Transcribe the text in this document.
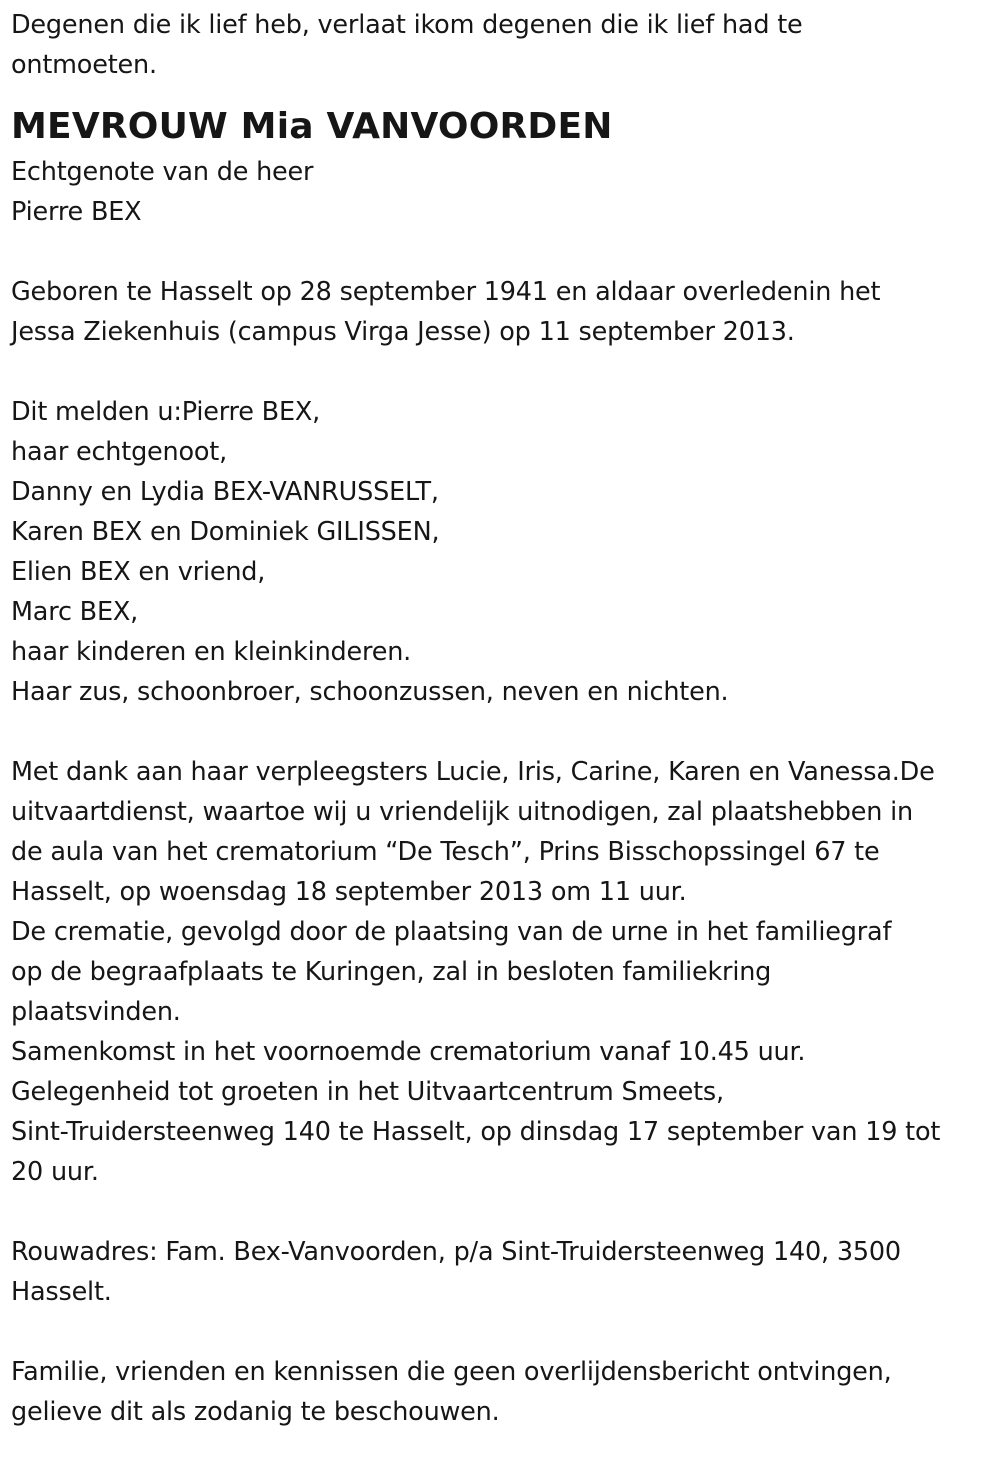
Degenen die ik lief heb, verlaat ikom degenen die ik lief had te
ontmoeten.
MEVROUW Mia VANVOORDEN
Echtgenote van de heer
Pierre BEX
Geboren te Hasselt op 28 september 1941 en aldaar overledenin het
Jessa Ziekenhuis (campus Virga Jesse) op 11 september 2013.
Dit melden u:Pierre BEX,
haar echtgenoot,
Danny en Lydia BEX-VANRUSSELT,
Karen BEX en Dominiek GILISSEN,
Elien BEX en vriend,
Marc BEX,
haar kinderen en kleinkinderen.
Haar zus, schoonbroer, schoonzussen, neven en nichten.
Met dank aan haar verpleegsters Lucie, Iris, Carine, Karen en Vanessa.De
uitvaartdienst, waartoe wij u vriendelijk uitnodigen, zal plaatshebben in
de aula van het crematorium “De Tesch”, Prins Bisschopssingel 67 te
Hasselt, op woensdag 18 september 2013 om 11 uur.
De crematie, gevolgd door de plaatsing van de urne in het familiegraf
op de begraafplaats te Kuringen, zal in besloten familiekring
plaatsvinden.
Samenkomst in het voornoemde crematorium vanaf 10.45 uur.
Gelegenheid tot groeten in het Uitvaartcentrum Smeets,
Sint-Truidersteenweg 140 te Hasselt, op dinsdag 17 september van 19 tot
20 uur.
Rouwadres: Fam. Bex-Vanvoorden, p/a Sint-Truidersteenweg 140, 3500
Hasselt.
Familie, vrienden en kennissen die geen overlijdensbericht ontvingen,
gelieve dit als zodanig te beschouwen.
